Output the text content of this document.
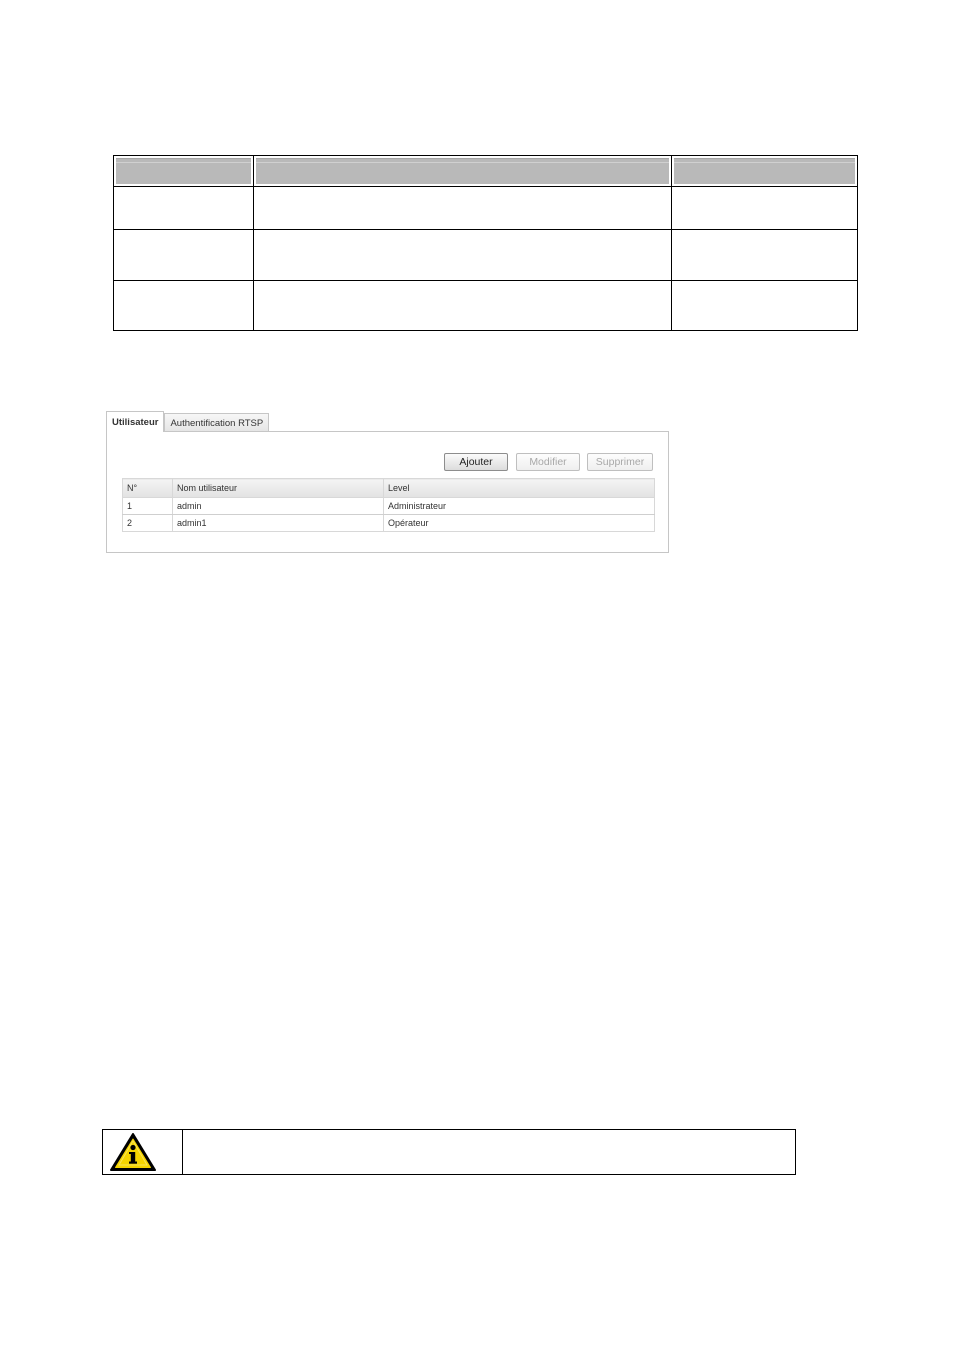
Utilisateur	Authentification RTSP
Ajouter	Modifier	Supprimer
N°	Nom utilisateur	Level
1	admin	Administrateur
2	admin1	Opérateur
